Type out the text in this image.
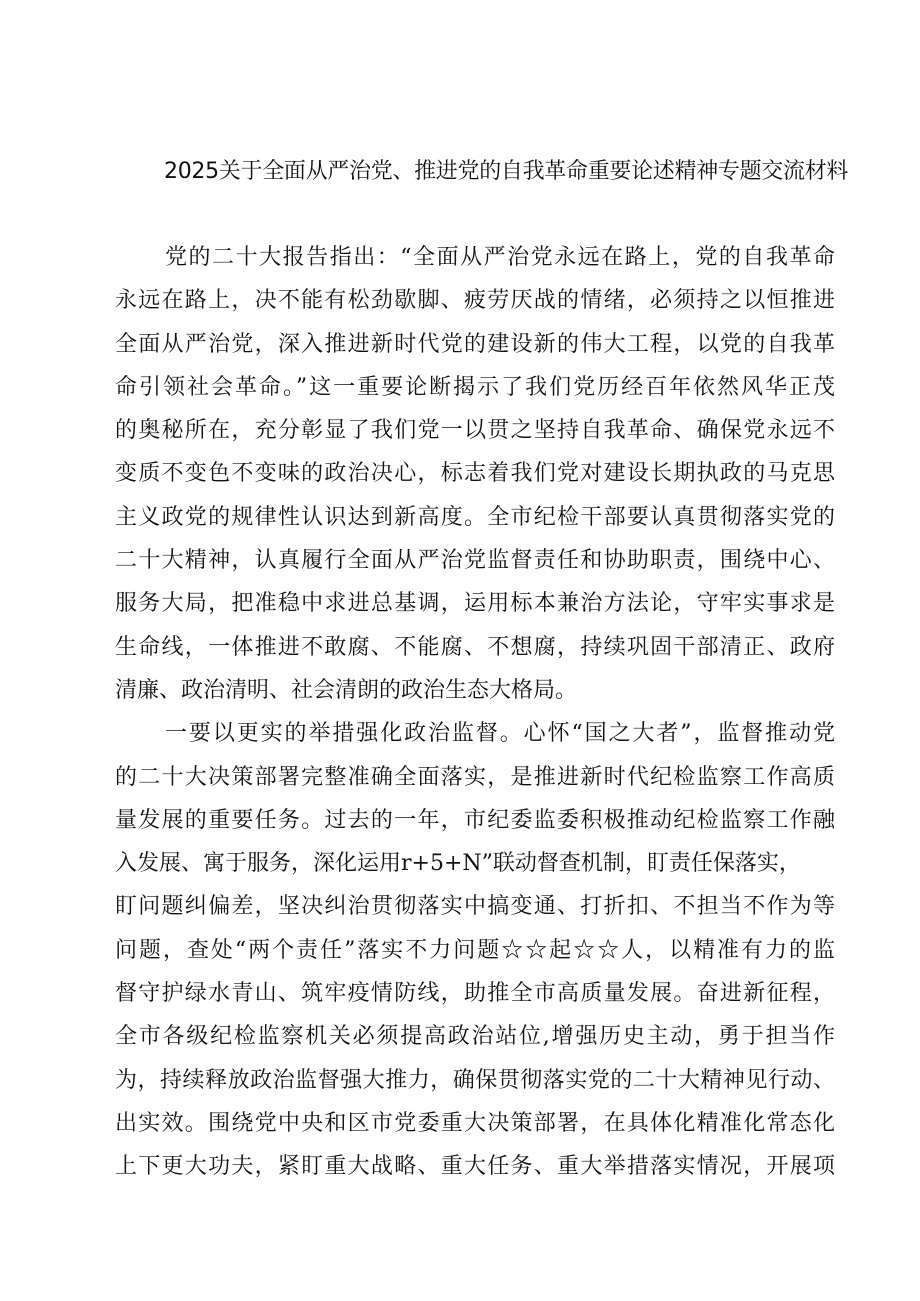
2025关于全面从严治党、推进党的自我革命重要论述精神专题交流材料
党的二十大报告指出：“全面从严治党永远在路上，党的自我革命
永远在路上，决不能有松劲歇脚、疲劳厌战的情绪，必须持之以恒推进
全面从严治党，深入推进新时代党的建设新的伟大工程，以党的自我革
命引领社会革命。”这一重要论断揭示了我们党历经百年依然风华正茂
的奥秘所在，充分彰显了我们党一以贯之坚持自我革命、确保党永远不
变质不变色不变味的政治决心，标志着我们党对建设长期执政的马克思
主义政党的规律性认识达到新高度。全市纪检干部要认真贯彻落实党的
二十大精神，认真履行全面从严治党监督责任和协助职责，围绕中心、
服务大局，把准稳中求进总基调，运用标本兼治方法论，守牢实事求是
生命线，一体推进不敢腐、不能腐、不想腐，持续巩固干部清正、政府
清廉、政治清明、社会清朗的政治生态大格局。
一要以更实的举措强化政治监督。心怀“国之大者”，监督推动党
的二十大决策部署完整准确全面落实，是推进新时代纪检监察工作高质
量发展的重要任务。过去的一年，市纪委监委积极推动纪检监察工作融
入发展、寓于服务，深化运用r+5+N”联动督查机制，盯责任保落实，
盯问题纠偏差，坚决纠治贯彻落实中搞变通、打折扣、不担当不作为等
问题，查处“两个责任”落实不力问题☆☆起☆☆人，以精准有力的监
督守护绿水青山、筑牢疫情防线，助推全市高质量发展。奋进新征程，
全市各级纪检监察机关必须提高政治站位,增强历史主动，勇于担当作
为，持续释放政治监督强大推力，确保贯彻落实党的二十大精神见行动、
出实效。围绕党中央和区市党委重大决策部署，在具体化精准化常态化
上下更大功夫，紧盯重大战略、重大任务、重大举措落实情况，开展项
